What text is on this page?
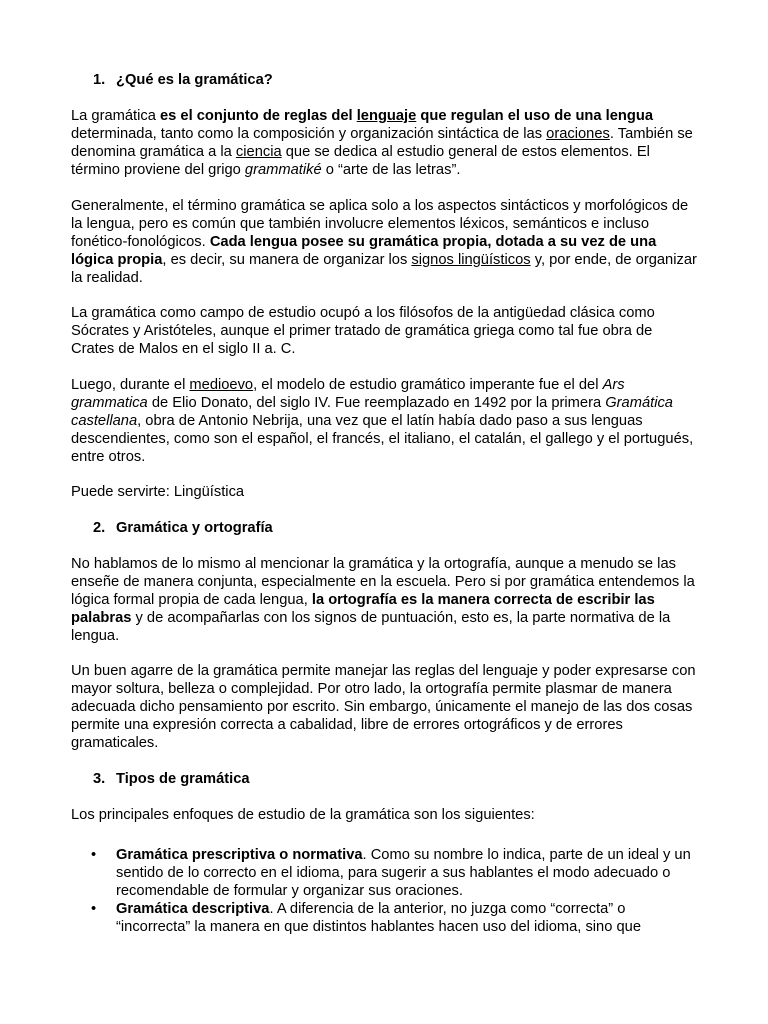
1. ¿Qué es la gramática?

La gramática es el conjunto de reglas del lenguaje que regulan el uso de una lengua determinada, tanto como la composición y organización sintáctica de las oraciones. También se denomina gramática a la ciencia que se dedica al estudio general de estos elementos. El término proviene del grigo grammatiké o “arte de las letras”.

Generalmente, el término gramática se aplica solo a los aspectos sintácticos y morfológicos de la lengua, pero es común que también involucre elementos léxicos, semánticos e incluso fonético-fonológicos. Cada lengua posee su gramática propia, dotada a su vez de una lógica propia, es decir, su manera de organizar los signos lingüísticos y, por ende, de organizar la realidad.

La gramática como campo de estudio ocupó a los filósofos de la antigüedad clásica como Sócrates y Aristóteles, aunque el primer tratado de gramática griega como tal fue obra de Crates de Malos en el siglo II a. C.

Luego, durante el medioevo, el modelo de estudio gramático imperante fue el del Ars grammatica de Elio Donato, del siglo IV. Fue reemplazado en 1492 por la primera Gramática castellana, obra de Antonio Nebrija, una vez que el latín había dado paso a sus lenguas descendientes, como son el español, el francés, el italiano, el catalán, el gallego y el portugués, entre otros.

Puede servirte: Lingüística

2. Gramática y ortografía

No hablamos de lo mismo al mencionar la gramática y la ortografía, aunque a menudo se las enseñe de manera conjunta, especialmente en la escuela. Pero si por gramática entendemos la lógica formal propia de cada lengua, la ortografía es la manera correcta de escribir las palabras y de acompañarlas con los signos de puntuación, esto es, la parte normativa de la lengua.

Un buen agarre de la gramática permite manejar las reglas del lenguaje y poder expresarse con mayor soltura, belleza o complejidad. Por otro lado, la ortografía permite plasmar de manera adecuada dicho pensamiento por escrito. Sin embargo, únicamente el manejo de las dos cosas permite una expresión correcta a cabalidad, libre de errores ortográficos y de errores gramaticales.

3. Tipos de gramática

Los principales enfoques de estudio de la gramática son los siguientes:

• Gramática prescriptiva o normativa. Como su nombre lo indica, parte de un ideal y un sentido de lo correcto en el idioma, para sugerir a sus hablantes el modo adecuado o recomendable de formular y organizar sus oraciones.
• Gramática descriptiva. A diferencia de la anterior, no juzga como “correcta” o “incorrecta” la manera en que distintos hablantes hacen uso del idioma, sino que
